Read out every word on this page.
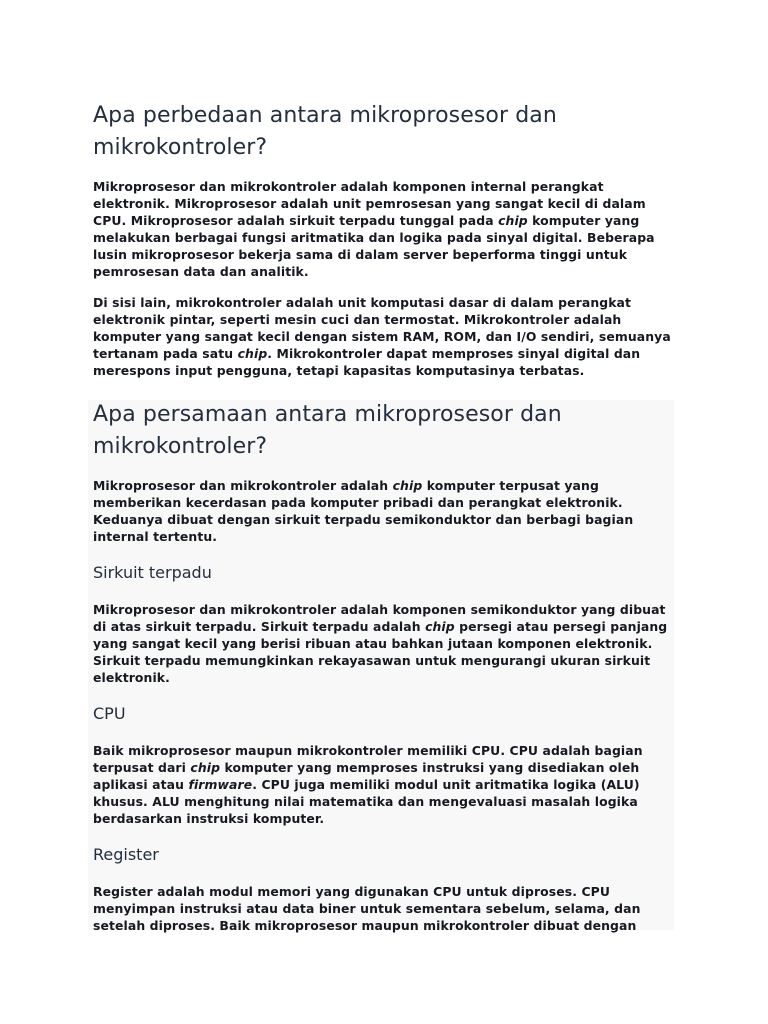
Apa perbedaan antara mikroprosesor dan mikrokontroler?

Mikroprosesor dan mikrokontroler adalah komponen internal perangkat elektronik. Mikroprosesor adalah unit pemrosesan yang sangat kecil di dalam CPU. Mikroprosesor adalah sirkuit terpadu tunggal pada chip komputer yang melakukan berbagai fungsi aritmatika dan logika pada sinyal digital. Beberapa lusin mikroprosesor bekerja sama di dalam server beperforma tinggi untuk pemrosesan data dan analitik.

Di sisi lain, mikrokontroler adalah unit komputasi dasar di dalam perangkat elektronik pintar, seperti mesin cuci dan termostat. Mikrokontroler adalah komputer yang sangat kecil dengan sistem RAM, ROM, dan I/O sendiri, semuanya tertanam pada satu chip. Mikrokontroler dapat memproses sinyal digital dan merespons input pengguna, tetapi kapasitas komputasinya terbatas.

Apa persamaan antara mikroprosesor dan mikrokontroler?

Mikroprosesor dan mikrokontroler adalah chip komputer terpusat yang memberikan kecerdasan pada komputer pribadi dan perangkat elektronik. Keduanya dibuat dengan sirkuit terpadu semikonduktor dan berbagi bagian internal tertentu.

Sirkuit terpadu

Mikroprosesor dan mikrokontroler adalah komponen semikonduktor yang dibuat di atas sirkuit terpadu. Sirkuit terpadu adalah chip persegi atau persegi panjang yang sangat kecil yang berisi ribuan atau bahkan jutaan komponen elektronik. Sirkuit terpadu memungkinkan rekayasawan untuk mengurangi ukuran sirkuit elektronik.

CPU

Baik mikroprosesor maupun mikrokontroler memiliki CPU. CPU adalah bagian terpusat dari chip komputer yang memproses instruksi yang disediakan oleh aplikasi atau firmware. CPU juga memiliki modul unit aritmatika logika (ALU) khusus. ALU menghitung nilai matematika dan mengevaluasi masalah logika berdasarkan instruksi komputer.

Register

Register adalah modul memori yang digunakan CPU untuk diproses. CPU menyimpan instruksi atau data biner untuk sementara sebelum, selama, dan setelah diproses. Baik mikroprosesor maupun mikrokontroler dibuat dengan
